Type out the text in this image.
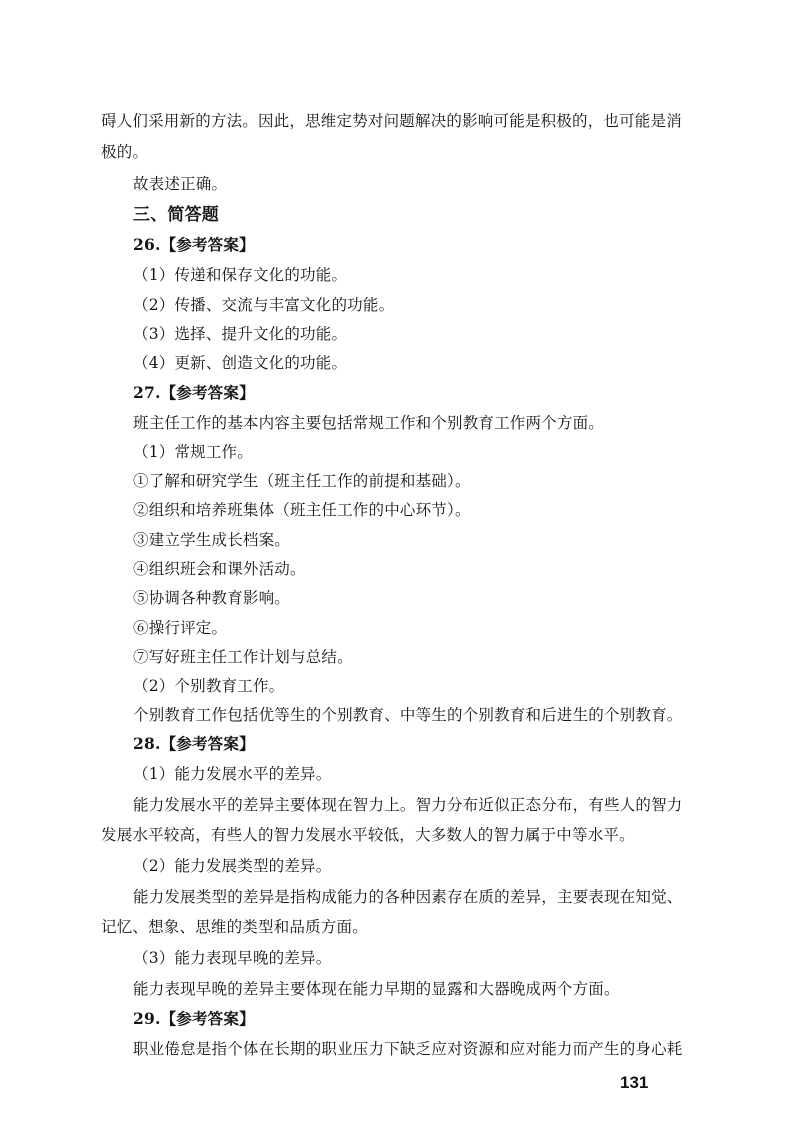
碍人们采用新的方法。因此，思维定势对问题解决的影响可能是积极的，也可能是消
极的。
故表述正确。
三、简答题
26.【参考答案】
（1）传递和保存文化的功能。
（2）传播、交流与丰富文化的功能。
（3）选择、提升文化的功能。
（4）更新、创造文化的功能。
27.【参考答案】
班主任工作的基本内容主要包括常规工作和个别教育工作两个方面。
（1）常规工作。
①了解和研究学生（班主任工作的前提和基础）。
②组织和培养班集体（班主任工作的中心环节）。
③建立学生成长档案。
④组织班会和课外活动。
⑤协调各种教育影响。
⑥操行评定。
⑦写好班主任工作计划与总结。
（2）个别教育工作。
个别教育工作包括优等生的个别教育、中等生的个别教育和后进生的个别教育。
28.【参考答案】
（1）能力发展水平的差异。
能力发展水平的差异主要体现在智力上。智力分布近似正态分布，有些人的智力
发展水平较高，有些人的智力发展水平较低，大多数人的智力属于中等水平。
（2）能力发展类型的差异。
能力发展类型的差异是指构成能力的各种因素存在质的差异，主要表现在知觉、
记忆、想象、思维的类型和品质方面。
（3）能力表现早晚的差异。
能力表现早晚的差异主要体现在能力早期的显露和大器晚成两个方面。
29.【参考答案】
职业倦怠是指个体在长期的职业压力下缺乏应对资源和应对能力而产生的身心耗
131
